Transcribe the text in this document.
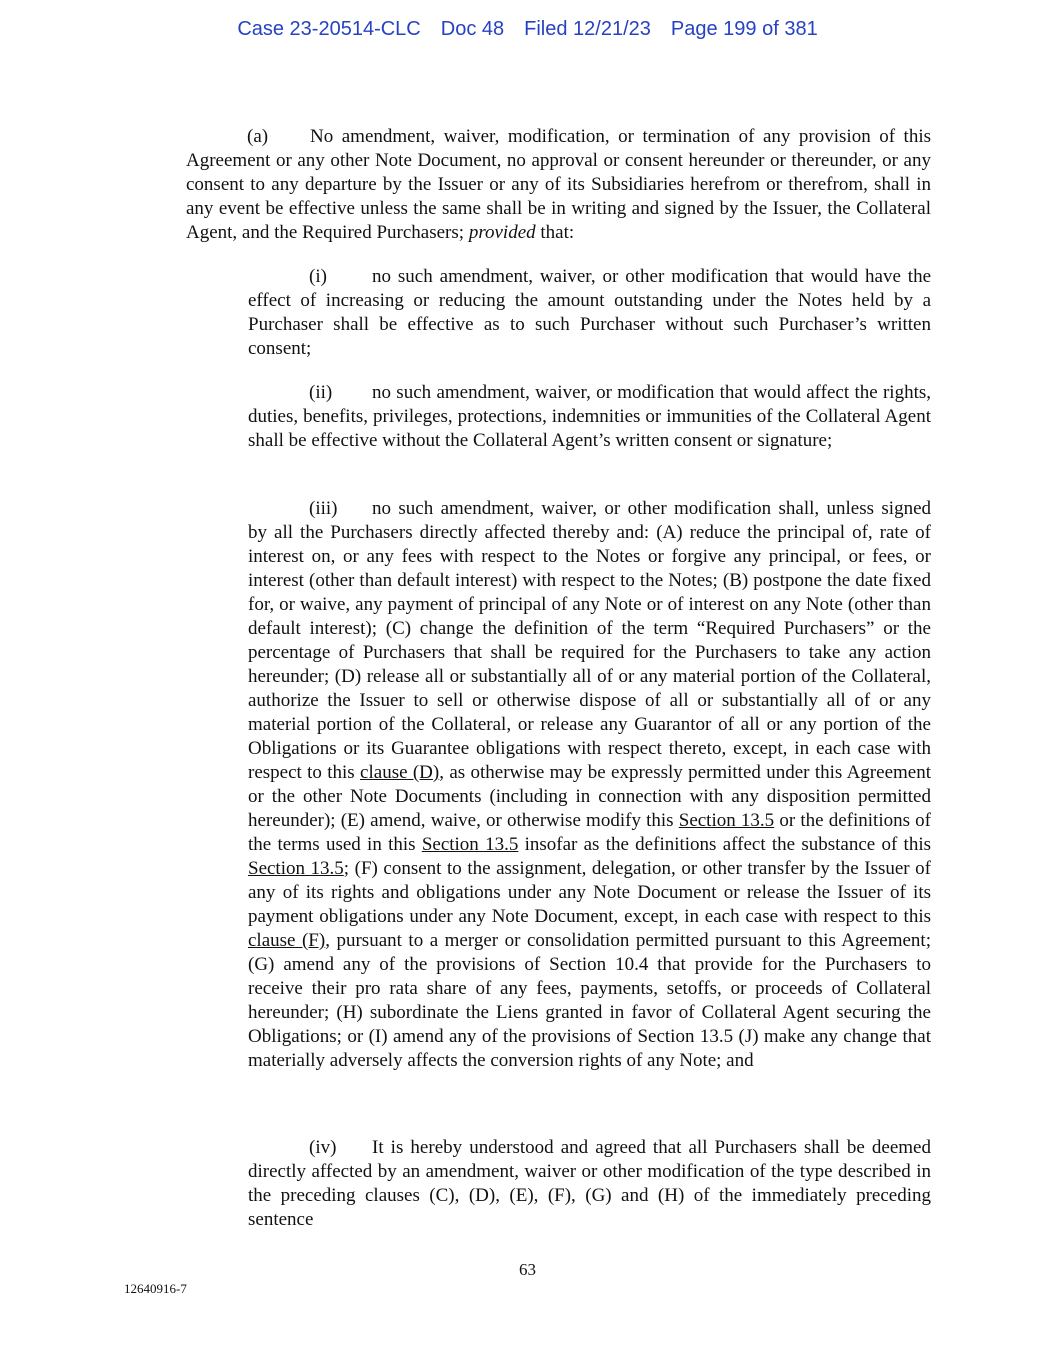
Case 23-20514-CLC Doc 48 Filed 12/21/23 Page 199 of 381

(a) No amendment, waiver, modification, or termination of any provision of this Agreement or any other Note Document, no approval or consent hereunder or thereunder, or any consent to any departure by the Issuer or any of its Subsidiaries herefrom or therefrom, shall in any event be effective unless the same shall be in writing and signed by the Issuer, the Collateral Agent, and the Required Purchasers; provided that:

(i) no such amendment, waiver, or other modification that would have the effect of increasing or reducing the amount outstanding under the Notes held by a Purchaser shall be effective as to such Purchaser without such Purchaser’s written consent;

(ii) no such amendment, waiver, or modification that would affect the rights, duties, benefits, privileges, protections, indemnities or immunities of the Collateral Agent shall be effective without the Collateral Agent’s written consent or signature;

(iii) no such amendment, waiver, or other modification shall, unless signed by all the Purchasers directly affected thereby and: (A) reduce the principal of, rate of interest on, or any fees with respect to the Notes or forgive any principal, or fees, or interest (other than default interest) with respect to the Notes; (B) postpone the date fixed for, or waive, any payment of principal of any Note or of interest on any Note (other than default interest); (C) change the definition of the term “Required Purchasers” or the percentage of Purchasers that shall be required for the Purchasers to take any action hereunder; (D) release all or substantially all of or any material portion of the Collateral, authorize the Issuer to sell or otherwise dispose of all or substantially all of or any material portion of the Collateral, or release any Guarantor of all or any portion of the Obligations or its Guarantee obligations with respect thereto, except, in each case with respect to this clause (D), as otherwise may be expressly permitted under this Agreement or the other Note Documents (including in connection with any disposition permitted hereunder); (E) amend, waive, or otherwise modify this Section 13.5 or the definitions of the terms used in this Section 13.5 insofar as the definitions affect the substance of this Section 13.5; (F) consent to the assignment, delegation, or other transfer by the Issuer of any of its rights and obligations under any Note Document or release the Issuer of its payment obligations under any Note Document, except, in each case with respect to this clause (F), pursuant to a merger or consolidation permitted pursuant to this Agreement; (G) amend any of the provisions of Section 10.4 that provide for the Purchasers to receive their pro rata share of any fees, payments, setoffs, or proceeds of Collateral hereunder; (H) subordinate the Liens granted in favor of Collateral Agent securing the Obligations; or (I) amend any of the provisions of Section 13.5 (J) make any change that materially adversely affects the conversion rights of any Note; and

(iv) It is hereby understood and agreed that all Purchasers shall be deemed directly affected by an amendment, waiver or other modification of the type described in the preceding clauses (C), (D), (E), (F), (G) and (H) of the immediately preceding sentence

63
12640916-7
